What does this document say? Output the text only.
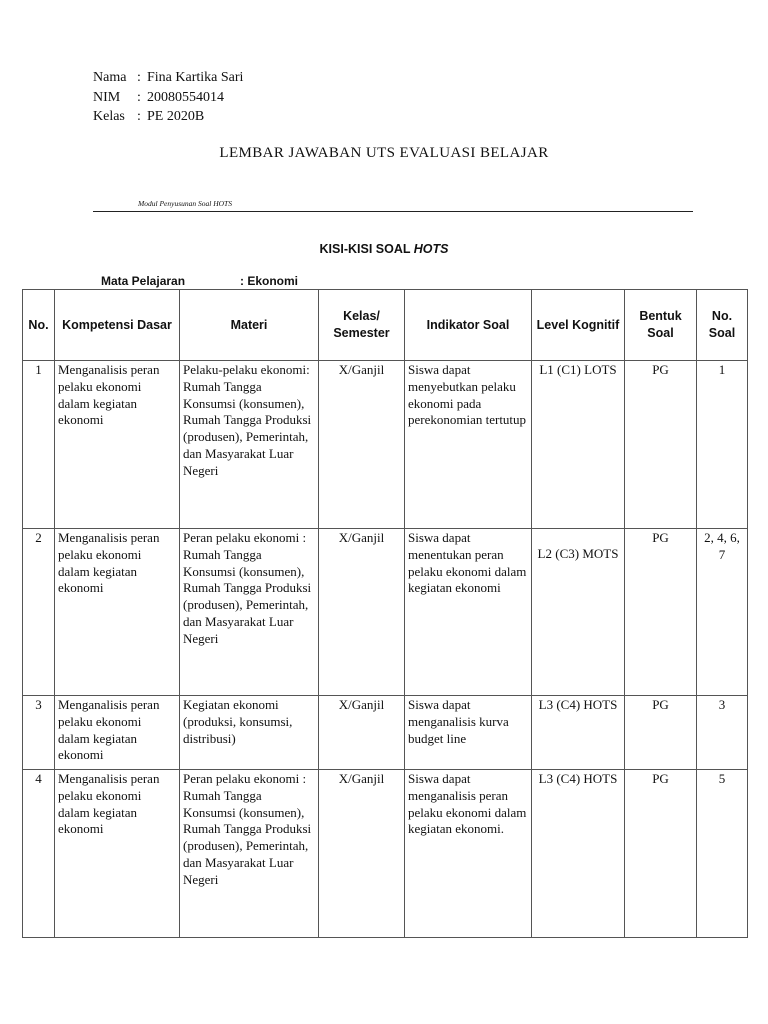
Nama : Fina Kartika Sari
NIM	: 20080554014
Kelas : PE 2020B
LEMBAR JAWABAN UTS EVALUASI BELAJAR
Modul Penyusunan Soal HOTS
KISI-KISI SOAL HOTS
Mata Pelajaran	: Ekonomi
No.	Kompetensi Dasar	Materi	Kelas/ Semester	Indikator Soal	Level Kognitif	Bentuk Soal	No. Soal
1	Menganalisis peran pelaku ekonomi dalam kegiatan ekonomi	Pelaku-pelaku ekonomi: Rumah Tangga Konsumsi (konsumen), Rumah Tangga Produksi (produsen), Pemerintah, dan Masyarakat Luar Negeri	X/Ganjil	Siswa dapat menyebutkan pelaku ekonomi pada perekonomian tertutup	L1 (C1) LOTS	PG	1
2	Menganalisis peran pelaku ekonomi dalam kegiatan ekonomi	Peran pelaku ekonomi : Rumah Tangga Konsumsi (konsumen), Rumah Tangga Produksi (produsen), Pemerintah, dan Masyarakat Luar Negeri	X/Ganjil	Siswa dapat menentukan peran pelaku ekonomi dalam kegiatan ekonomi	L2 (C3) MOTS	PG	2, 4, 6, 7
3	Menganalisis peran pelaku ekonomi dalam kegiatan ekonomi	Kegiatan ekonomi (produksi, konsumsi, distribusi)	X/Ganjil	Siswa dapat menganalisis kurva budget line	L3 (C4) HOTS	PG	3
4	Menganalisis peran pelaku ekonomi dalam kegiatan ekonomi	Peran pelaku ekonomi : Rumah Tangga Konsumsi (konsumen), Rumah Tangga Produksi (produsen), Pemerintah, dan Masyarakat Luar Negeri	X/Ganjil	Siswa dapat menganalisis peran pelaku ekonomi dalam kegiatan ekonomi.	L3 (C4) HOTS	PG	5
